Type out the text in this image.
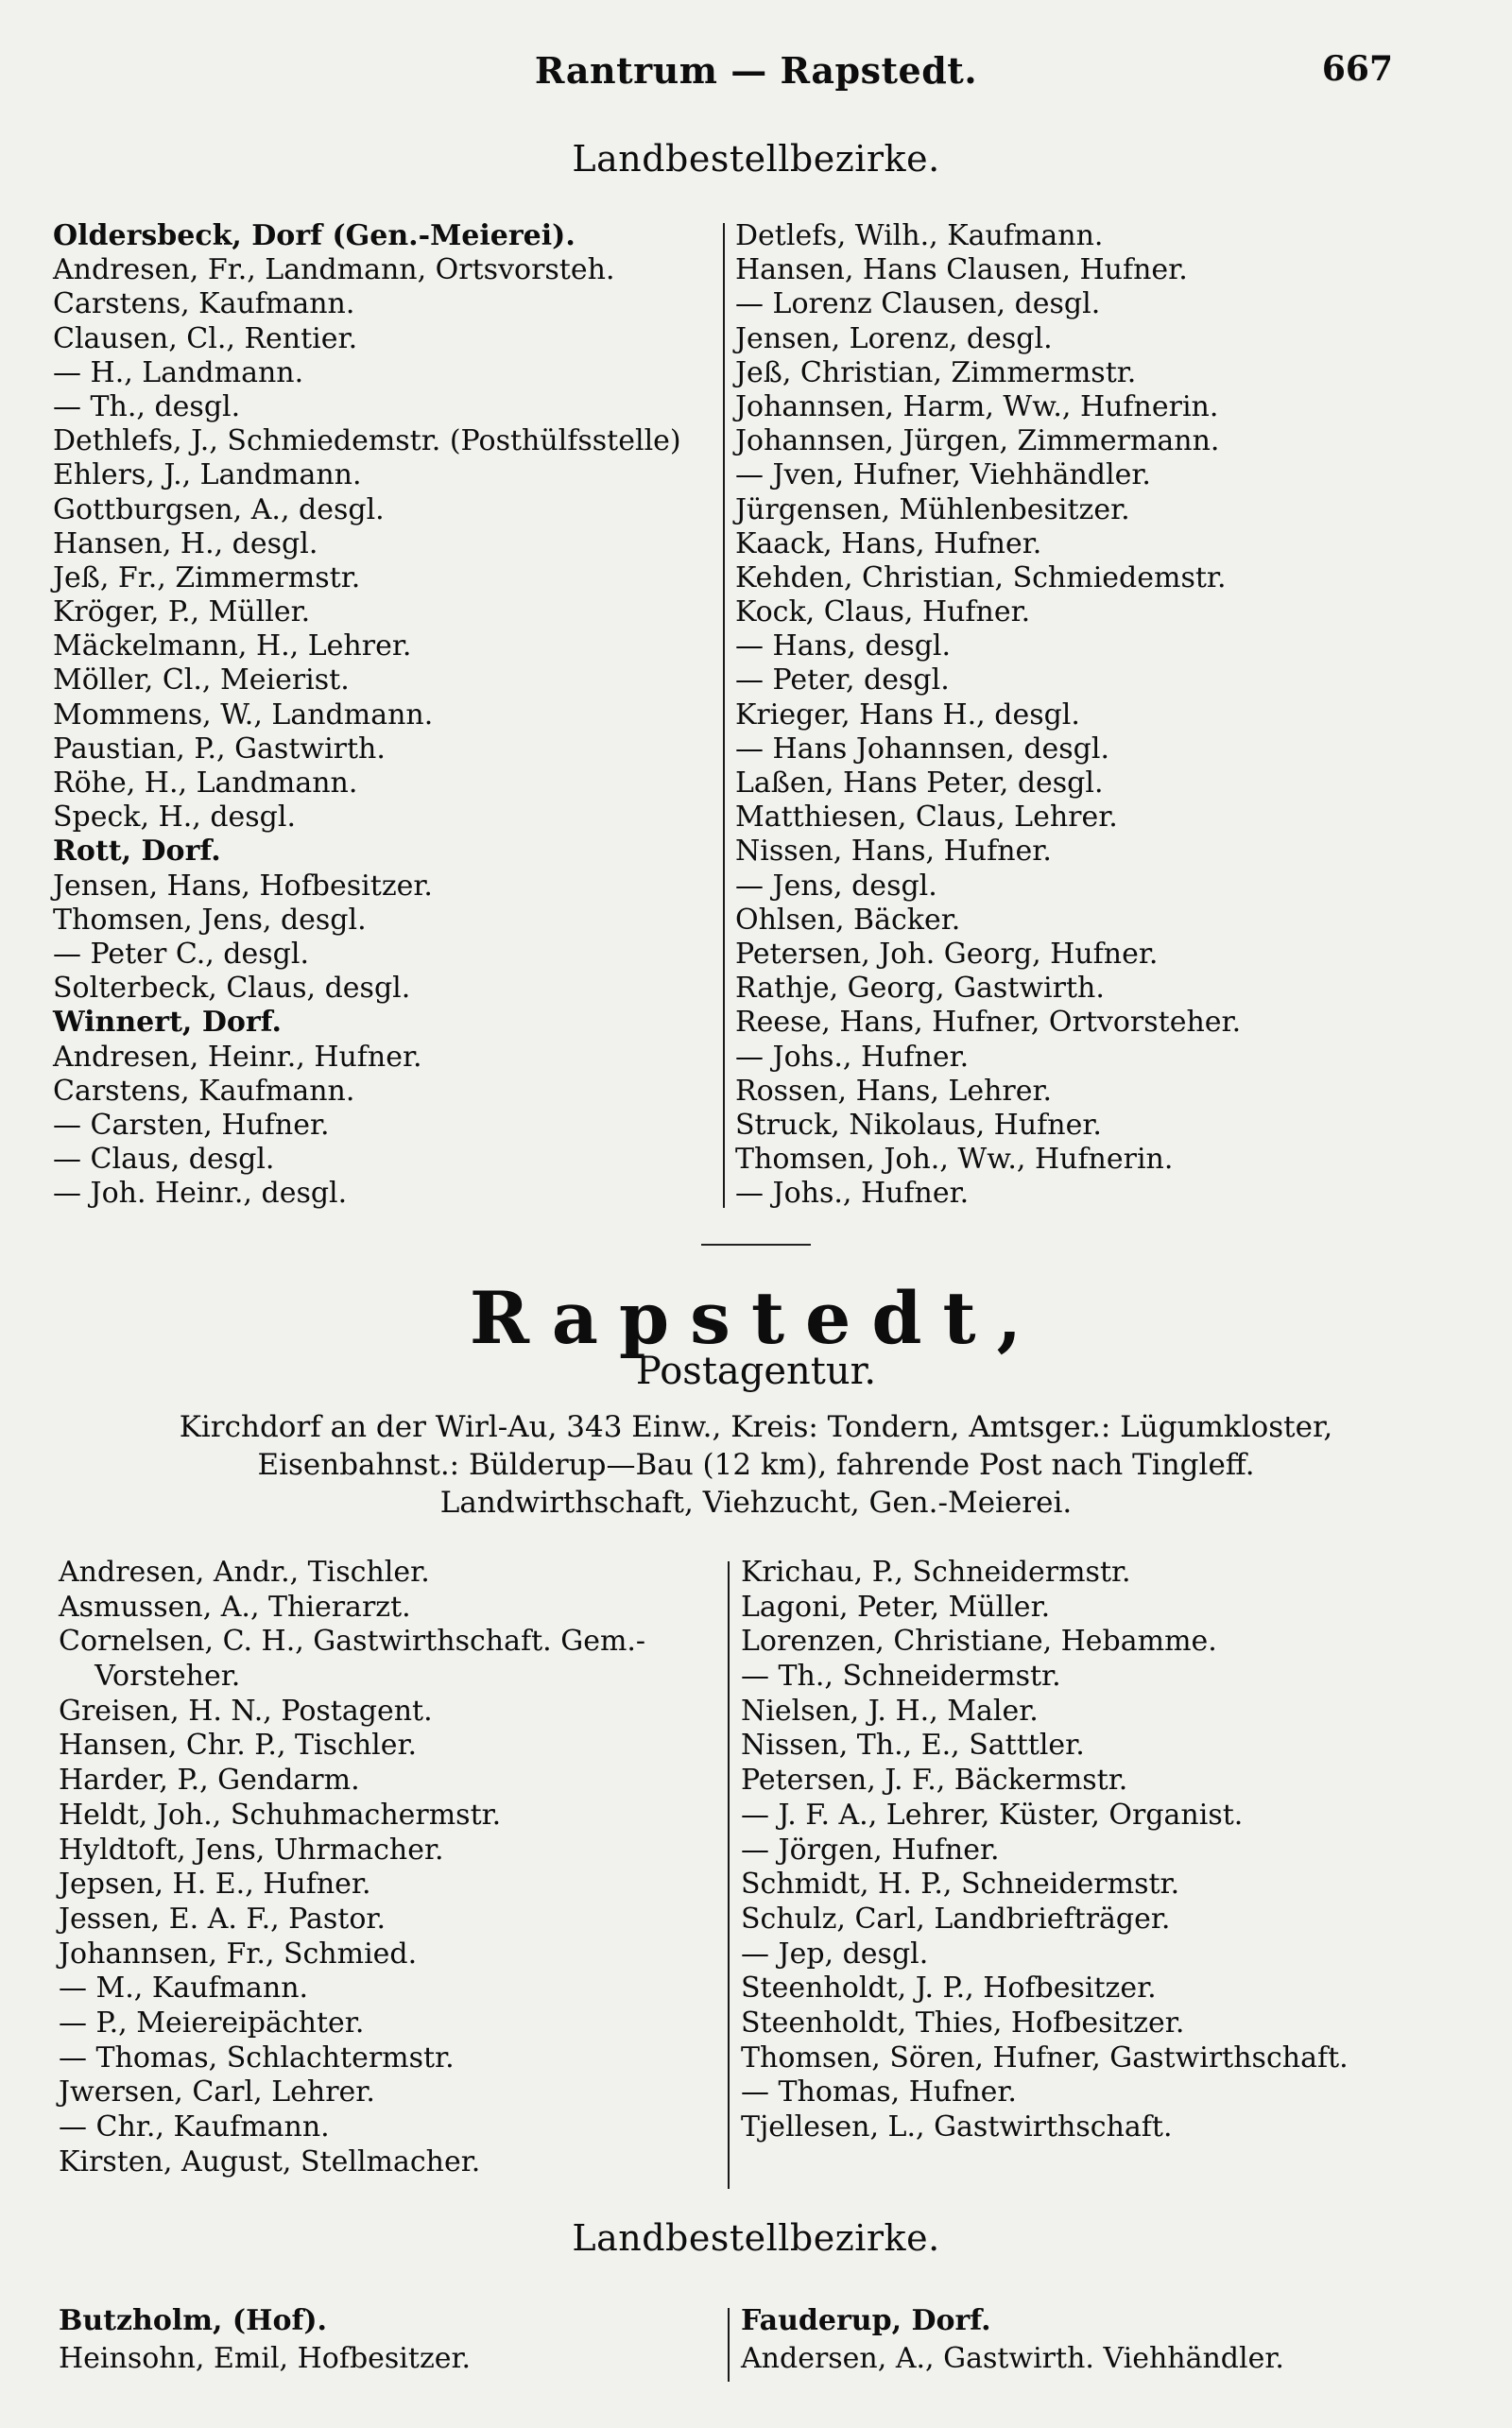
Rantrum — Rapstedt.	667
Landbestellbezirke.
Oldersbeck, Dorf (Gen.-Meierei).
Andresen, Fr., Landmann, Ortsvorsteh.
Carstens, Kaufmann.
Clausen, Cl., Rentier.
— H., Landmann.
— Th., desgl.
Dethlefs, J., Schmiedemstr. (Posthülfsstelle)
Ehlers, J., Landmann.
Gottburgsen, A., desgl.
Hansen, H., desgl.
Jeß, Fr., Zimmermstr.
Kröger, P., Müller.
Mäckelmann, H., Lehrer.
Möller, Cl., Meierist.
Mommens, W., Landmann.
Paustian, P., Gastwirth.
Röhe, H., Landmann.
Speck, H., desgl.
Rott, Dorf.
Jensen, Hans, Hofbesitzer.
Thomsen, Jens, desgl.
— Peter C., desgl.
Solterbeck, Claus, desgl.
Winnert, Dorf.
Andresen, Heinr., Hufner.
Carstens, Kaufmann.
— Carsten, Hufner.
— Claus, desgl.
— Joh. Heinr., desgl.
Detlefs, Wilh., Kaufmann.
Hansen, Hans Clausen, Hufner.
— Lorenz Clausen, desgl.
Jensen, Lorenz, desgl.
Jeß, Christian, Zimmermstr.
Johannsen, Harm, Ww., Hufnerin.
Johannsen, Jürgen, Zimmermann.
— Jven, Hufner, Viehhändler.
Jürgensen, Mühlenbesitzer.
Kaack, Hans, Hufner.
Kehden, Christian, Schmiedemstr.
Kock, Claus, Hufner.
— Hans, desgl.
— Peter, desgl.
Krieger, Hans H., desgl.
— Hans Johannsen, desgl.
Laßen, Hans Peter, desgl.
Matthiesen, Claus, Lehrer.
Nissen, Hans, Hufner.
— Jens, desgl.
Ohlsen, Bäcker.
Petersen, Joh. Georg, Hufner.
Rathje, Georg, Gastwirth.
Reese, Hans, Hufner, Ortvorsteher.
— Johs., Hufner.
Rossen, Hans, Lehrer.
Struck, Nikolaus, Hufner.
Thomsen, Joh., Ww., Hufnerin.
— Johs., Hufner.
Rapstedt,
Postagentur.
Kirchdorf an der Wirl-Au, 343 Einw., Kreis: Tondern, Amtsger.: Lügumkloster,
Eisenbahnst.: Bülderup—Bau (12 km), fahrende Post nach Tingleff.
Landwirthschaft, Viehzucht, Gen.-Meierei.
Andresen, Andr., Tischler.
Asmussen, A., Thierarzt.
Cornelsen, C. H., Gastwirthschaft. Gem.-
Vorsteher.
Greisen, H. N., Postagent.
Hansen, Chr. P., Tischler.
Harder, P., Gendarm.
Heldt, Joh., Schuhmachermstr.
Hyldtoft, Jens, Uhrmacher.
Jepsen, H. E., Hufner.
Jessen, E. A. F., Pastor.
Johannsen, Fr., Schmied.
— M., Kaufmann.
— P., Meiereipächter.
— Thomas, Schlachtermstr.
Jwersen, Carl, Lehrer.
— Chr., Kaufmann.
Kirsten, August, Stellmacher.
Krichau, P., Schneidermstr.
Lagoni, Peter, Müller.
Lorenzen, Christiane, Hebamme.
— Th., Schneidermstr.
Nielsen, J. H., Maler.
Nissen, Th., E., Satttler.
Petersen, J. F., Bäckermstr.
— J. F. A., Lehrer, Küster, Organist.
— Jörgen, Hufner.
Schmidt, H. P., Schneidermstr.
Schulz, Carl, Landbriefträger.
— Jep, desgl.
Steenholdt, J. P., Hofbesitzer.
Steenholdt, Thies, Hofbesitzer.
Thomsen, Sören, Hufner, Gastwirthschaft.
— Thomas, Hufner.
Tjellesen, L., Gastwirthschaft.
Landbestellbezirke.
Butzholm, (Hof).
Heinsohn, Emil, Hofbesitzer.
Fauderup, Dorf.
Andersen, A., Gastwirth. Viehhändler.
